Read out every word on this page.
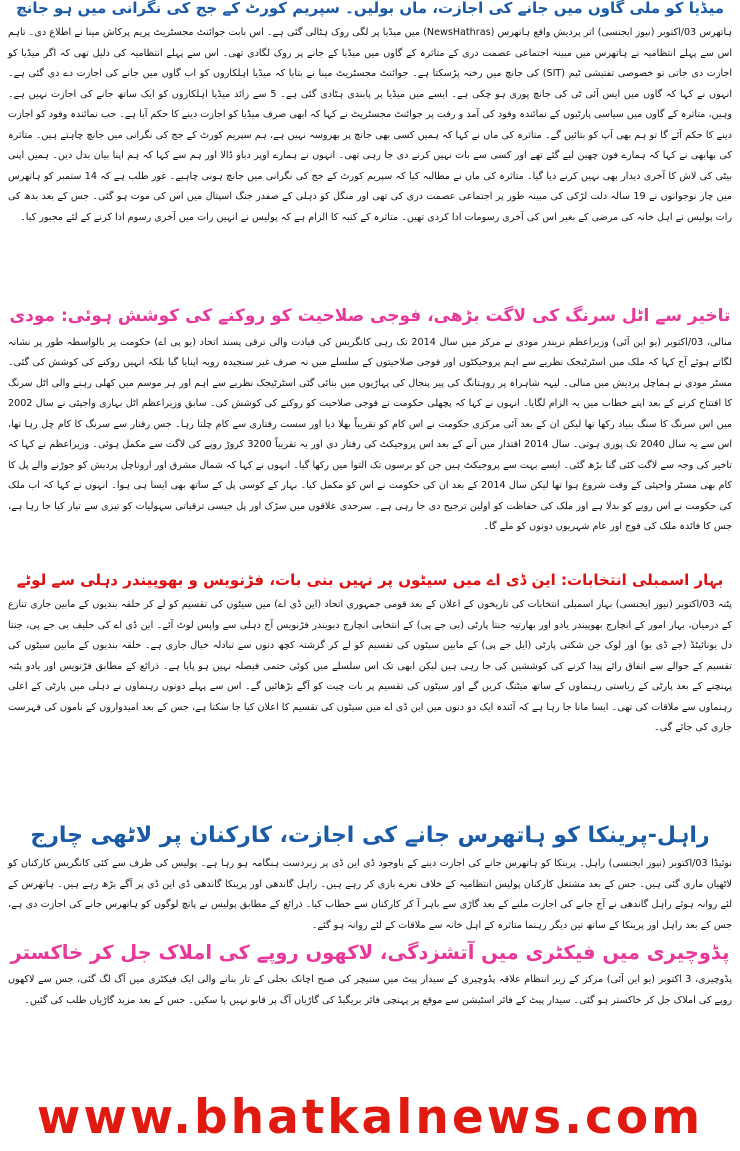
میڈیا کو ملی گاوں میں جانے کی اجازت، ماں بولیں۔ سپریم کورٹ کے جج کی نگرانی میں ہو جانچ
ہاتھرس 03/اکتوبر (نیوز ایجنسی) اتر پردیش واقع ہاتھرس (NewsHathras) میں میڈیا پر لگی روک ہٹالی گئی ہے۔ اس بابت جوائنٹ مجسٹریٹ پریم پرکاش مینا نے اطلاع دی۔ تاہم اس سے پہلے انتظامیہ نے ہاتھرس میں مبینہ اجتماعی عصمت دری کے متاثرہ کے گاوں میں میڈیا کے جانے پر روک لگادی تھی۔ اس سے پہلے انتظامیہ کی دلیل تھی کہ اگر میڈیا کو اجازت دی جاتی تو خصوصی تفتیشی ٹیم (SIT) کی جانچ میں رخنہ پڑسکتا ہے۔ جوائنٹ مجسٹریٹ مینا نے بتایا کہ میڈیا اہلکاروں کو اب گاوں میں جانے کی اجازت دے دی گئی ہے۔ انہوں نے کہا کہ گاوں میں ایس آئی ٹی کی جانچ پوری ہو چکی ہے۔ ایسے میں میڈیا پر پابندی ہٹادی گئی ہے۔ 5 سے زائد میڈیا اہلکاروں کو ایک ساتھ جانے کی اجازت نہیں ہے۔ وہیں، متاثرہ کے گاوں میں سیاسی پارٹیوں کے نمائندہ وفود کی آمد و رفت پر جوائنٹ مجسٹریٹ نے کہا کہ ابھی صرف میڈیا کو اجازت دینے کا حکم آیا ہے۔ جب نمائندہ وفود کو اجازت دینے کا حکم آئے گا تو ہم بھی آپ کو بتائیں گے۔ متاثرہ کی ماں نے کہا کہ ہمیں کسی بھی جانچ پر بھروسہ نہیں ہے، ہم سپریم کورٹ کے جج کی نگرانی میں جانچ چاہتے ہیں۔ متاثرہ کی بھابھی نے کہا کہ ہمارے فون چھین لیے گئے تھے اور کسی سے بات نہیں کرنے دی جا رہی تھی۔ انہوں نے ہمارے اوپر دباو ڈالا اور ہم سے کہا کہ ہم اپنا بیان بدل دیں۔ ہمیں اپنی بیٹی کی لاش کا آخری دیدار بھی نہیں کرنے دیا گیا۔ متاثرہ کی ماں نے مطالبہ کیا کہ سپریم کورٹ کے جج کی نگرانی میں جانچ ہونی چاہیے۔ غور طلب ہے کہ 14 ستمبر کو ہاتھرس میں چار نوجوانوں نے 19 سالہ دلت لڑکی کی مبینہ طور پر اجتماعی عصمت دری کی تھی اور منگل کو دہلی کے صفدر جنگ اسپتال میں اس کی موت ہو گئی۔ جس کے بعد بدھ کی رات پولیس نے اہل خانہ کی مرضی کے بغیر اس کی آخری رسومات ادا کردی تھیں۔ متاثرہ کے کنبہ کا الزام ہے کہ پولیس نے انہیں رات میں آخری رسوم ادا کرنے کے لئے مجبور کیا۔
تاخیر سے اٹل سرنگ کی لاگت بڑھی، فوجی صلاحیت کو روکنے کی کوشش ہوئی: مودی
منالی، 03/اکتوبر (یو این آئی) وزیراعظم نریندر مودی نے مرکز میں سال 2014 تک رہی کانگریس کی قیادت والی ترقی پسند اتحاد (یو پی اے) حکومت پر بالواسطہ طور پر نشانہ لگاتے ہوئے آج کہا کہ ملک میں اسٹرٹیجک نظریے سے اہم پروجیکٹوں اور فوجی صلاحیتوں کے سلسلے میں نہ صرف غیر سنجیدہ رویہ اپنایا گیا بلکہ انہیں روکنے کی کوشش کی گئی۔ مسٹر مودی نے ہماچل پردیش میں منالی۔ لیہہ شاہراہ پر روہتانگ کی پیر پنجال کی پہاڑیوں میں بنائی گئی اسٹرٹیجک نظریے سے اہم اور ہر موسم میں کھلی رہنے والی اٹل سرنگ کا افتتاح کرنے کے بعد اپنے خطاب میں یہ الزام لگایا۔ انہوں نے کہا کہ پچھلی حکومت نے فوجی صلاحیت کو روکنے کی کوشش کی۔ سابق وزیراعظم اٹل بہاری واجپئی نے سال 2002 میں اس سرنگ کا سنگ بنیاد رکھا تھا لیکن ان کے بعد آئی مرکزی حکومت نے اس کام کو تقریباً بھلا دیا اور سست رفتاری سے کام چلتا رہا۔ جس رفتار سے سرنگ کا کام چل رہا تھا، اس سے یہ سال 2040 تک پوری ہوتی۔ سال 2014 اقتدار میں آنے کے بعد اس پروجیکٹ کی رفتار دی اور یہ تقریباً 3200 کروڑ روپے کی لاگت سے مکمل ہوئی۔ وزیراعظم نے کہا کہ تاخیر کی وجہ سے لاگت کئی گنا بڑھ گئی۔ ایسے بہت سے پروجیکٹ ہیں جن کو برسوں تک التوا میں رکھا گیا۔ انہوں نے کہا کہ شمال مشرق اور اروناچل پردیش کو جوڑنے والے پل کا کام بھی مسٹر واجپئی کے وقت شروع ہوا تھا لیکن سال 2014 کے بعد ان کی حکومت نے اس کو مکمل کیا۔ بہار کے کوسی پل کے ساتھ بھی ایسا ہی ہوا۔ انہوں نے کہا کہ اب ملک کی حکومت نے اس رویے کو بدلا ہے اور ملک کی حفاظت کو اولین ترجیح دی جا رہی ہے۔ سرحدی علاقوں میں سڑک اور پل جیسی ترقیاتی سہولیات کو تیزی سے تیار کیا جا رہا ہے، جس کا فائدہ ملک کی فوج اور عام شہریوں دونوں کو ملے گا۔
بہار اسمبلی انتخابات: این ڈی اے میں سیٹوں پر نہیں بنی بات، فڑنویس و بھوپیندر دہلی سے لوٹے
پٹنہ 03/اکتوبر (نیوز ایجنسی) بہار اسمبلی انتخابات کی تاریخوں کے اعلان کے بعد قومی جمہوری اتحاد (این ڈی اے) میں سیٹوں کی تقسیم کو لے کر حلقہ بندیوں کے مابین جاری تنازع کے درمیان، بہار امور کے انچارج بھوپیندر یادو اور بھارتیہ جنتا پارٹی (بی جے پی) کے انتخابی انچارج دیویندر فڑنویس آج دہلی سے واپس لوٹ آئے۔ این ڈی اے کی حلیف بی جے پی، جنتا دل یونائیٹڈ (جے ڈی یو) اور لوک جن شکتی پارٹی (ایل جے پی) کے مابین سیٹوں کی تقسیم کو لے کر گزشتہ کچھ دنوں سے تبادلہ خیال جاری ہے۔ حلقہ بندیوں کے مابین سیٹوں کی تقسیم کے حوالے سے اتفاق رائے پیدا کرنے کی کوششیں کی جا رہی ہیں لیکن ابھی تک اس سلسلے میں کوئی حتمی فیصلہ نہیں ہو پایا ہے۔ ذرائع کے مطابق فڑنویس اور یادو پٹنہ پہنچنے کے بعد پارٹی کے ریاستی رہنماوں کے ساتھ میٹنگ کریں گے اور سیٹوں کی تقسیم پر بات چیت کو آگے بڑھائیں گے۔ اس سے پہلے دونوں رہنماوں نے دہلی میں پارٹی کے اعلی رہنماوں سے ملاقات کی تھی۔ ایسا مانا جا رہا ہے کہ آئندہ ایک دو دنوں میں این ڈی اے میں سیٹوں کی تقسیم کا اعلان کیا جا سکتا ہے، جس کے بعد امیدواروں کے ناموں کی فہرست جاری کی جائے گی۔
راہل-پرینکا کو ہاتھرس جانے کی اجازت، کارکنان پر لاٹھی چارج
نوئیڈا 03/اکتوبر (نیوز ایجنسی) راہل۔ پرینکا کو ہاتھرس جانے کی اجازت دینے کے باوجود ڈی این ڈی پر زبردست ہنگامہ ہو رہا ہے۔ پولیس کی طرف سے کئی کانگریس کارکنان کو لاٹھیاں ماری گئی ہیں۔ جس کے بعد مشتعل کارکنان پولیس انتظامیہ کے خلاف نعرے بازی کر رہے ہیں۔ راہل گاندھی اور پرینکا گاندھی ڈی این ڈی پر آگے بڑھ رہے ہیں۔ ہاتھرس کے لئے روانہ ہوئے راہل گاندھی نے آج جانے کی اجازت ملنے کے بعد گاڑی سے باہر آ کر کارکنان سے خطاب کیا۔ ذرائع کے مطابق پولیس نے پانچ لوگوں کو ہاتھرس جانے کی اجازت دی ہے، جس کے بعد راہل اور پرینکا کے ساتھ تین دیگر رہنما متاثرہ کے اہل خانہ سے ملاقات کے لئے روانہ ہو گئے۔
پڈوچیری میں فیکٹری میں آتشزدگی، لاکھوں روپے کی املاک جل کر خاکستر
پڈوچیری، 3 اکتوبر (یو این آئی) مرکز کے زیر انتظام علاقہ پڈوچیری کے سیدار پیٹ میں سنیچر کی صبح اچانک بجلی کے تار بنانے والی ایک فیکٹری میں آگ لگ گئی، جس سے لاکھوں روپے کی املاک جل کر خاکستر ہو گئی۔ سیدار پیٹ کے فائر اسٹیشن سے موقع پر پہنچی فائر بریگیڈ کی گاڑیاں آگ پر قابو نہیں پا سکیں۔ جس کے بعد مزید گاڑیاں طلب کی گئیں۔
www.bhatkalnews.com
